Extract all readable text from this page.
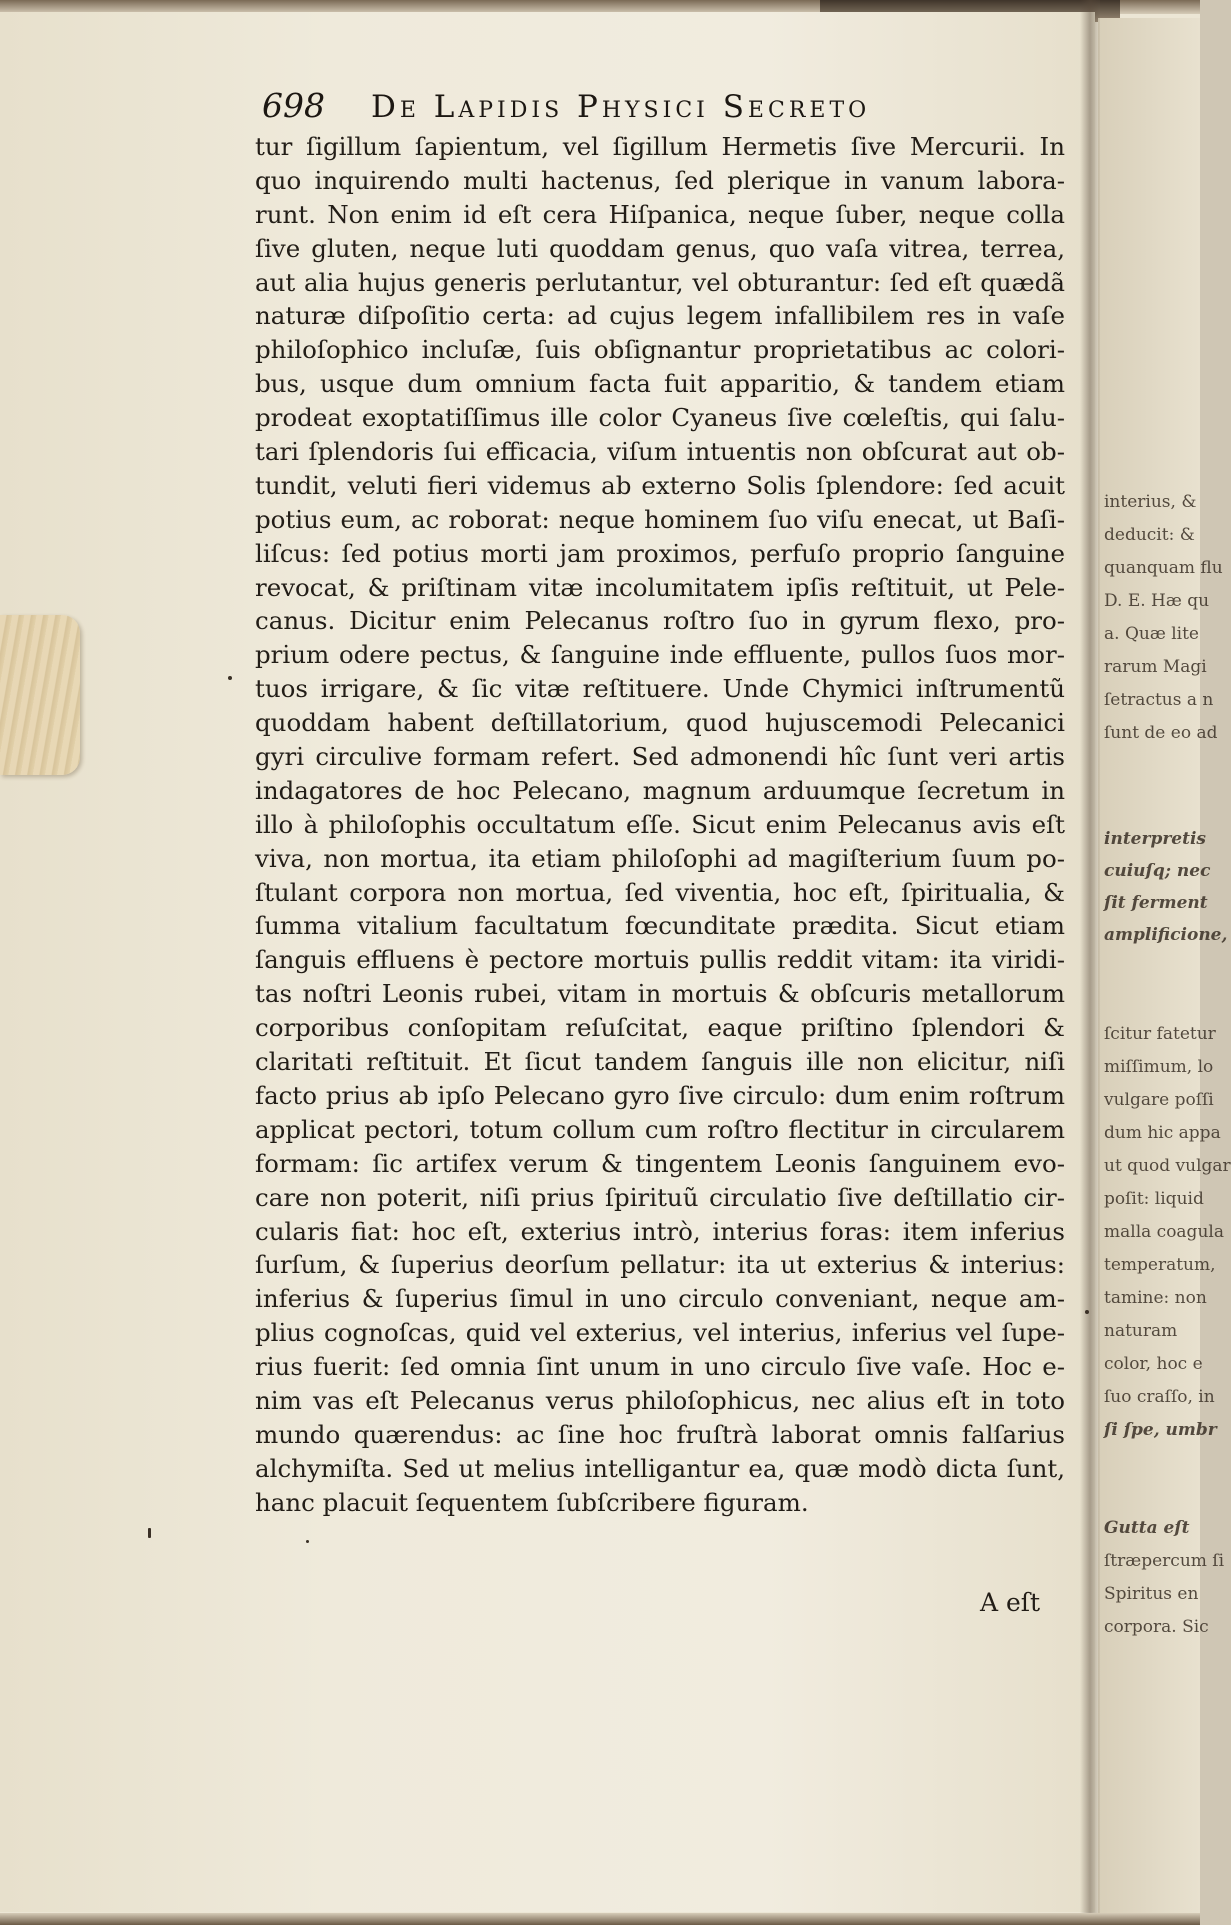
698 De Lapidis Physici Secreto
tur ſigillum ſapientum, vel ſigillum Hermetis ſive Mercurii. In
quo inquirendo multi hactenus, ſed plerique in vanum labora-
runt. Non enim id eſt cera Hiſpanica, neque ſuber, neque colla
ſive gluten, neque luti quoddam genus, quo vaſa vitrea, terrea,
aut alia hujus generis perlutantur, vel obturantur: ſed eſt quædã
naturæ diſpoſitio certa: ad cujus legem infallibilem res in vaſe
philoſophico incluſæ, ſuis obſignantur proprietatibus ac colori-
bus, usque dum omnium facta fuit apparitio, & tandem etiam
prodeat exoptatiſſimus ille color Cyaneus ſive cœleſtis, qui ſalu-
tari ſplendoris ſui efficacia, viſum intuentis non obſcurat aut ob-
tundit, veluti fieri videmus ab externo Solis ſplendore: ſed acuit
potius eum, ac roborat: neque hominem ſuo viſu enecat, ut Baſi-
liſcus: ſed potius morti jam proximos, perfuſo proprio ſanguine
revocat, & priſtinam vitæ incolumitatem ipſis reſtituit, ut Pele-
canus. Dicitur enim Pelecanus roſtro ſuo in gyrum flexo, pro-
prium odere pectus, & ſanguine inde effluente, pullos ſuos mor-
tuos irrigare, & ſic vitæ reſtituere. Unde Chymici inſtrumentũ
quoddam habent deſtillatorium, quod hujuscemodi Pelecanici
gyri circulive formam refert. Sed admonendi hîc ſunt veri artis
indagatores de hoc Pelecano, magnum arduumque ſecretum in
illo à philoſophis occultatum eſſe. Sicut enim Pelecanus avis eſt
viva, non mortua, ita etiam philoſophi ad magiſterium ſuum po-
ſtulant corpora non mortua, ſed viventia, hoc eſt, ſpiritualia, &
ſumma vitalium facultatum fœcunditate prædita. Sicut etiam
ſanguis effluens è pectore mortuis pullis reddit vitam: ita viridi-
tas noſtri Leonis rubei, vitam in mortuis & obſcuris metallorum
corporibus conſopitam reſuſcitat, eaque priſtino ſplendori &
claritati reſtituit. Et ſicut tandem ſanguis ille non elicitur, niſi
facto prius ab ipſo Pelecano gyro ſive circulo: dum enim roſtrum
applicat pectori, totum collum cum roſtro flectitur in circularem
formam: ſic artifex verum & tingentem Leonis ſanguinem evo-
care non poterit, niſi prius ſpirituũ circulatio ſive deſtillatio cir-
cularis fiat: hoc eſt, exterius intrò, interius foras: item inferius
ſurſum, & ſuperius deorſum pellatur: ita ut exterius & interius:
inferius & ſuperius ſimul in uno circulo conveniant, neque am-
plius cognoſcas, quid vel exterius, vel interius, inferius vel ſupe-
rius fuerit: ſed omnia ſint unum in uno circulo ſive vaſe. Hoc e-
nim vas eſt Pelecanus verus philoſophicus, nec alius eſt in toto
mundo quærendus: ac ſine hoc fruſtrà laborat omnis falſarius
alchymiſta. Sed ut melius intelligantur ea, quæ modò dicta ſunt,
hanc placuit ſequentem ſubſcribere figuram.
A eſt
interius, &
deducit: &
quanquam flu
D. E. Hæ qu
a. Quæ lite
rarum Magi
ſetractus a n
ſunt de eo ad
interpretis
cuiuſq; nec
ſit ferment
amplificione,
ſcitur fatetur
miſſimum, lo
vulgare poſſi
dum hic appa
ut quod vulgar
poſit: liquid
malla coagula
temperatum,
tamine: non
naturam
color, hoc e
ſuo craſſo, in
ſi ſpe, umbr
Gutta eſt
ſtræpercum ſi
Spiritus en
corpora. Sic
